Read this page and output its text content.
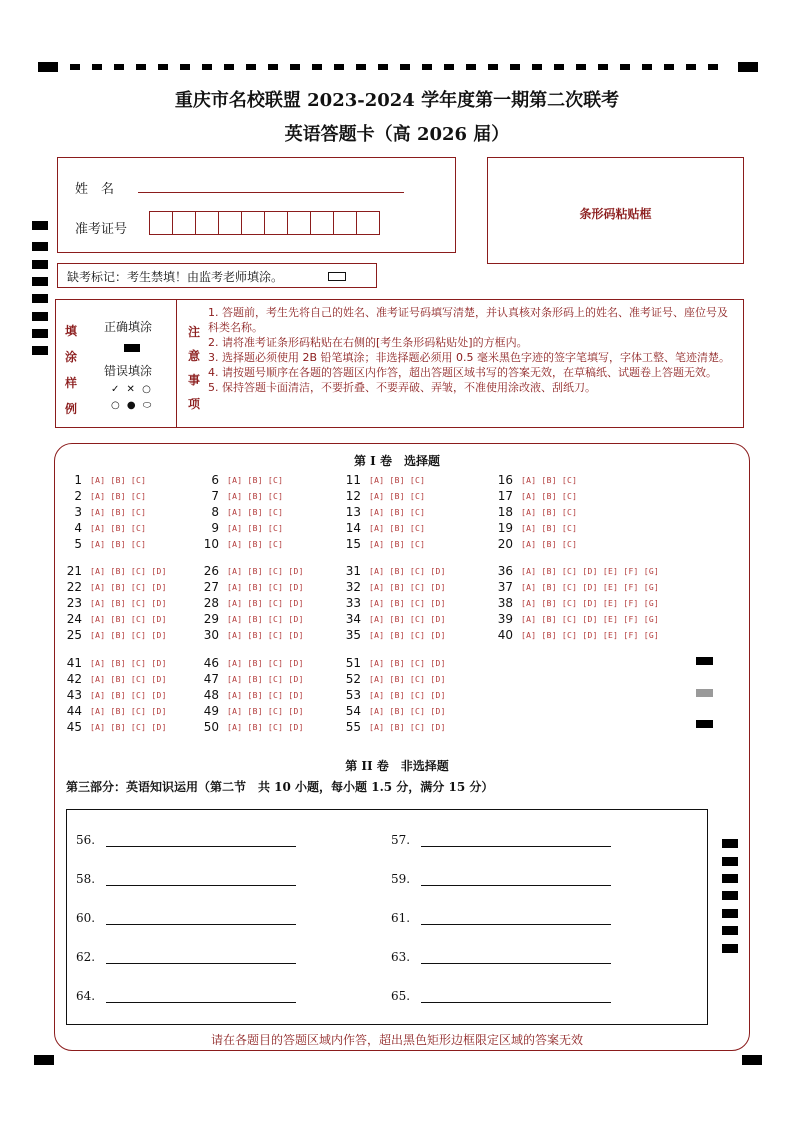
重庆市名校联盟 2023-2024 学年度第一期第二次联考
英语答题卡（高 2026 届）
姓　名
准考证号
条形码粘贴框
缺考标记：考生禁填！由监考老师填涂。
填
涂
样
例
正确填涂
错误填涂
✓ ✕ ○
○ ● ⬭
注
意
事
项

1. 答题前，考生先将自己的姓名、准考证号码填写清楚，并认真核对条形码上的姓名、准考证号、座位号及科类名称。

2. 请将准考证条形码粘贴在右侧的[考生条形码粘贴处]的方框内。

3. 选择题必须使用 2B 铅笔填涂；非选择题必须用 0.5 毫米黑色字迹的签字笔填写，字体工整、笔迹清楚。

4. 请按题号顺序在各题的答题区内作答，超出答题区域书写的答案无效，在草稿纸、试题卷上答题无效。

5. 保持答题卡面清洁，不要折叠、不要弄破、弄皱，不准使用涂改液、刮纸刀。

第 I 卷　选择题
1 [A] [B] [C]
2 [A] [B] [C]
3 [A] [B] [C]
4 [A] [B] [C]
5 [A] [B] [C]
6 [A] [B] [C]
7 [A] [B] [C]
8 [A] [B] [C]
9 [A] [B] [C]
10 [A] [B] [C]
11 [A] [B] [C]
12 [A] [B] [C]
13 [A] [B] [C]
14 [A] [B] [C]
15 [A] [B] [C]
16 [A] [B] [C]
17 [A] [B] [C]
18 [A] [B] [C]
19 [A] [B] [C]
20 [A] [B] [C]
21 [A] [B] [C] [D]
22 [A] [B] [C] [D]
23 [A] [B] [C] [D]
24 [A] [B] [C] [D]
25 [A] [B] [C] [D]
26 [A] [B] [C] [D]
27 [A] [B] [C] [D]
28 [A] [B] [C] [D]
29 [A] [B] [C] [D]
30 [A] [B] [C] [D]
31 [A] [B] [C] [D]
32 [A] [B] [C] [D]
33 [A] [B] [C] [D]
34 [A] [B] [C] [D]
35 [A] [B] [C] [D]
36 [A] [B] [C] [D] [E] [F] [G]
37 [A] [B] [C] [D] [E] [F] [G]
38 [A] [B] [C] [D] [E] [F] [G]
39 [A] [B] [C] [D] [E] [F] [G]
40 [A] [B] [C] [D] [E] [F] [G]
41 [A] [B] [C] [D]
42 [A] [B] [C] [D]
43 [A] [B] [C] [D]
44 [A] [B] [C] [D]
45 [A] [B] [C] [D]
46 [A] [B] [C] [D]
47 [A] [B] [C] [D]
48 [A] [B] [C] [D]
49 [A] [B] [C] [D]
50 [A] [B] [C] [D]
51 [A] [B] [C] [D]
52 [A] [B] [C] [D]
53 [A] [B] [C] [D]
54 [A] [B] [C] [D]
55 [A] [B] [C] [D]
第 II 卷　非选择题
第三部分：英语知识运用（第二节　共 10 小题，每小题 1.5 分，满分 15 分）
56.	57.
58.	59.
60.	61.
62.	63.
64.	65.
请在各题目的答题区域内作答，超出黑色矩形边框限定区域的答案无效
